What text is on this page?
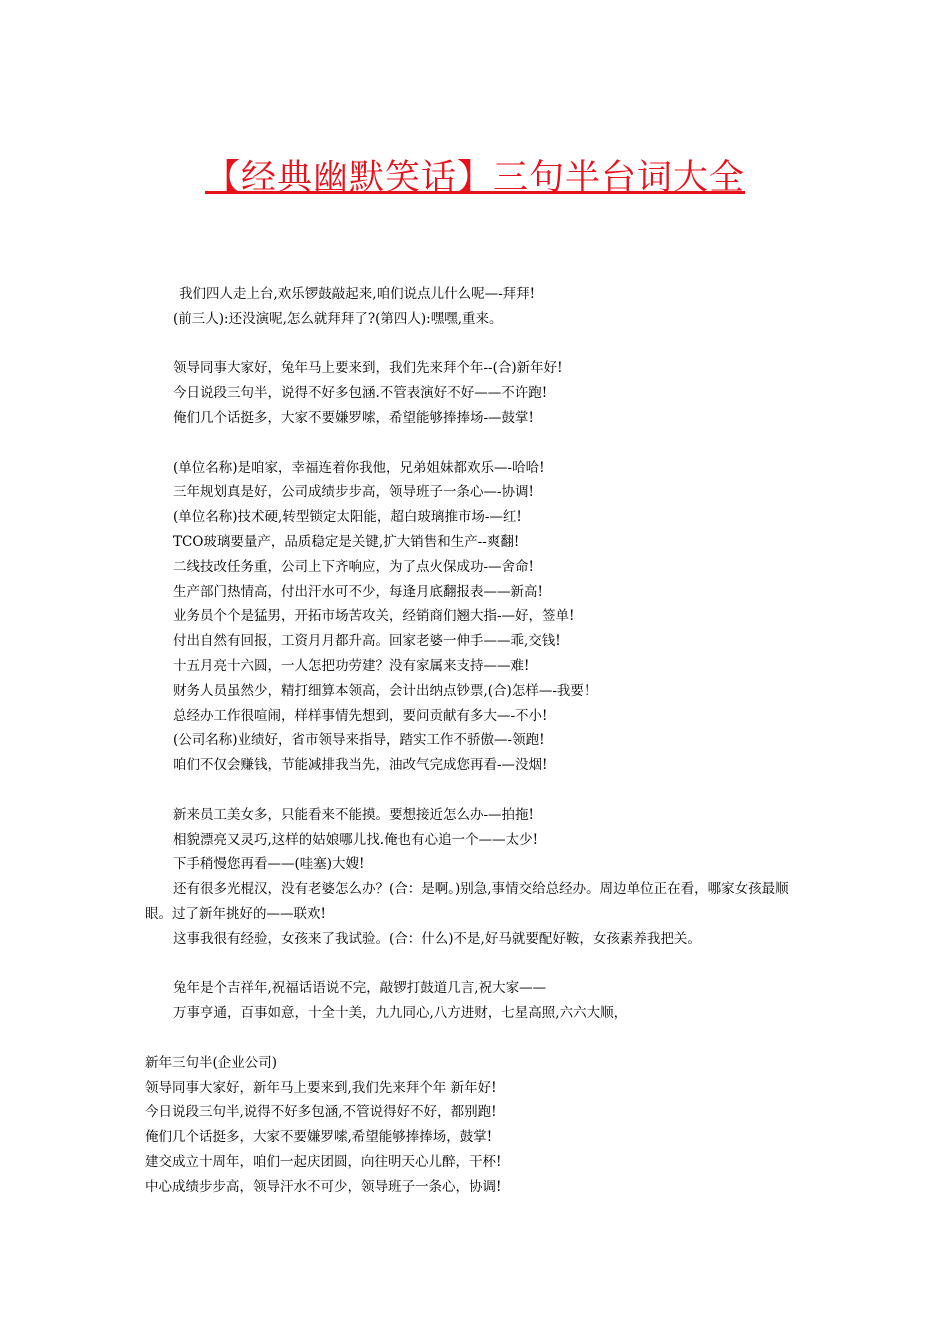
【经典幽默笑话】三句半台词大全
我们四人走上台,欢乐锣鼓敲起来,咱们说点儿什么呢—-拜拜!
(前三人):还没演呢,怎么就拜拜了?(第四人):嘿嘿,重来。
领导同事大家好，兔年马上要来到，我们先来拜个年--(合)新年好!
今日说段三句半，说得不好多包涵.不管表演好不好——不许跑!
俺们几个话挺多，大家不要嫌罗嗦，希望能够捧捧场-—鼓掌!
(单位名称)是咱家，幸福连着你我他，兄弟姐妹都欢乐—-哈哈!
三年规划真是好，公司成绩步步高，领导班子一条心—-协调!
(单位名称)技术硬,转型锁定太阳能，超白玻璃推市场-—红!
TCO玻璃要量产，品质稳定是关键,扩大销售和生产--爽翻!
二线技改任务重，公司上下齐响应，为了点火保成功-—舍命!
生产部门热情高，付出汗水可不少，每逢月底翻报表——新高!
业务员个个是猛男，开拓市场苦攻关，经销商们翘大指-—好，签单!
付出自然有回报，工资月月都升高。回家老婆一伸手——乖,交钱!
十五月亮十六圆，一人怎把功劳建？没有家属来支持——难!
财务人员虽然少，精打细算本领高，会计出纳点钞票,(合)怎样—-我要！
总经办工作很喧闹，样样事情先想到，要问贡献有多大—-不小!
(公司名称)业绩好，省市领导来指导，踏实工作不骄傲—-领跑!
咱们不仅会赚钱，节能减排我当先，油改气完成您再看-—没烟!
新来员工美女多，只能看来不能摸。要想接近怎么办-—拍拖!
相貌漂亮又灵巧,这样的姑娘哪儿找.俺也有心追一个——太少!
下手稍慢您再看——(哇塞)大嫂!
还有很多光棍汉，没有老婆怎么办？(合：是啊。)别急,事情交给总经办。周边单位正在看，哪家女孩最顺眼。过了新年挑好的——联欢!
这事我很有经验，女孩来了我试验。(合：什么)不是,好马就要配好鞍，女孩素养我把关。
兔年是个吉祥年,祝福话语说不完，敲锣打鼓道几言,祝大家——
万事亨通，百事如意，十全十美，九九同心,八方进财，七星高照,六六大顺，
新年三句半(企业公司)
领导同事大家好，新年马上要来到,我们先来拜个年 新年好!
今日说段三句半,说得不好多包涵,不管说得好不好，都别跑!
俺们几个话挺多，大家不要嫌罗嗦,希望能够捧捧场，鼓掌!
建交成立十周年，咱们一起庆团圆，向往明天心儿醉，干杯!
中心成绩步步高，领导汗水不可少，领导班子一条心，协调!
